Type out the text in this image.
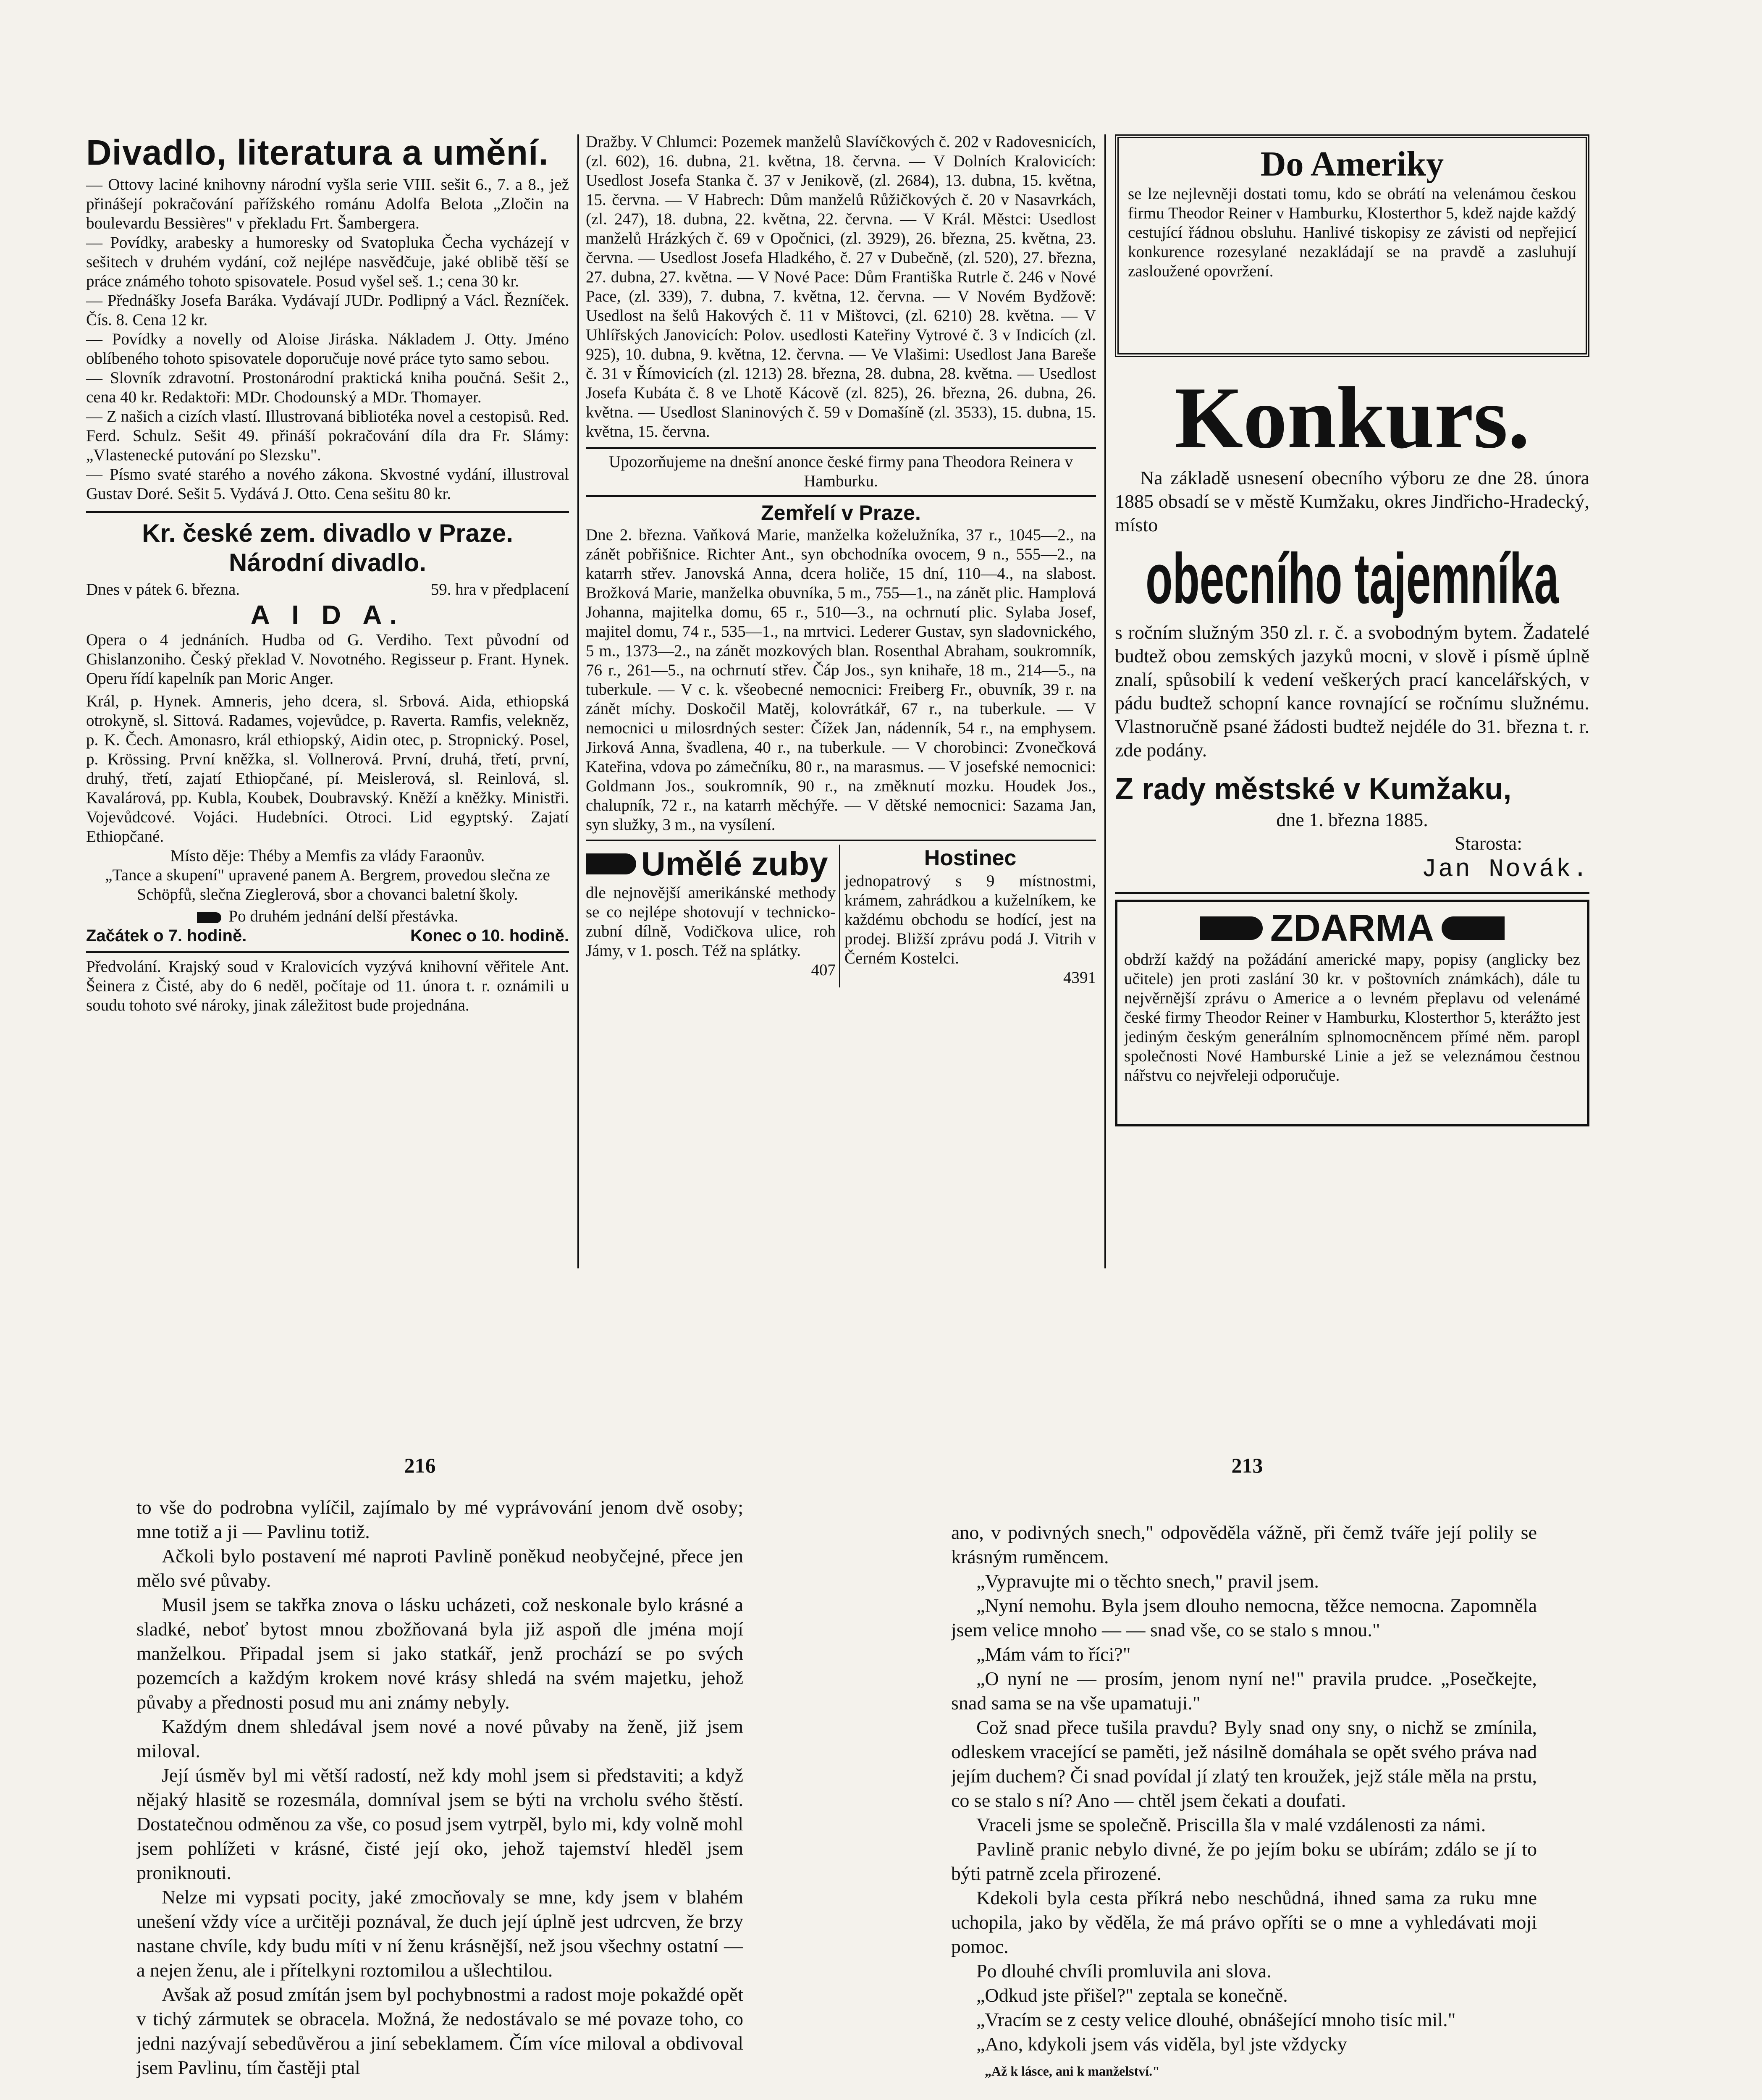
Divadlo, literatura a umění.

— Ottovy laciné knihovny národní vyšla serie VIII. sešit 6., 7. a 8., jež přinášejí pokračování pařížského románu Adolfa Belota „Zločin na boulevardu Bessières" v překladu Frt. Šambergera.

— Povídky, arabesky a humoresky od Svatopluka Čecha vycházejí v sešitech v druhém vydání, což nejlépe nasvědčuje, jaké oblibě těší se práce známého tohoto spisovatele. Posud vyšel seš. 1.; cena 30 kr.

— Přednášky Josefa Baráka. Vydávají JUDr. Podlipný a Václ. Řezníček. Čís. 8. Cena 12 kr.

— Povídky a novelly od Aloise Jiráska. Nákladem J. Otty. Jméno oblíbeného tohoto spisovatele doporučuje nové práce tyto samo sebou.

— Slovník zdravotní. Prostonárodní praktická kniha poučná. Sešit 2., cena 40 kr. Redaktoři: MDr. Chodounský a MDr. Thomayer.

— Z našich a cizích vlastí. Illustrovaná bibliotéka novel a cestopisů. Red. Ferd. Schulz. Sešit 49. přináší pokračování díla dra Fr. Slámy: „Vlastenecké putování po Slezsku".

— Písmo svaté starého a nového zákona. Skvostné vydání, illustroval Gustav Doré. Sešit 5. Vydává J. Otto. Cena sešitu 80 kr.

Kr. české zem. divadlo v Praze.
Národní divadlo.
Dnes v pátek 6. března.	59. hra v předplacení
A I D A.

Opera o 4 jednáních. Hudba od G. Verdiho. Text původní od Ghislanzoniho. Český překlad V. Novotného. Regisseur p. Frant. Hynek. Operu řídí kapelník pan Moric Anger.

Král, p. Hynek. Amneris, jeho dcera, sl. Srbová. Aida, ethiopská otrokyně, sl. Sittová. Radames, vojevůdce, p. Raverta. Ramfis, velekněz, p. K. Čech. Amonasro, král ethiopský, Aidin otec, p. Stropnický. Posel, p. Krössing. První kněžka, sl. Vollnerová. První, druhá, třetí, první, druhý, třetí, zajatí Ethiopčané, pí. Meislerová, sl. Reinlová, sl. Kavalárová, pp. Kubla, Koubek, Doubravský. Kněží a kněžky. Ministři. Vojevůdcové. Vojáci. Hudebníci. Otroci. Lid egyptský. Zajatí Ethiopčané.

Místo děje: Théby a Memfis za vlády Faraonův.

„Tance a skupení" upravené panem A. Bergrem, provedou slečna ze Schöpfů, slečna Zieglerová, sbor a chovanci baletní školy.

Po druhém jednání delší přestávka.
Začátek o 7. hodině.	Konec o 10. hodině.

Předvolání. Krajský soud v Kralovicích vyzývá knihovní věřitele Ant. Šeinera z Čisté, aby do 6 neděl, počítaje od 11. února t. r. oznámili u soudu tohoto své nároky, jinak záležitost bude projednána.

Dražby. V Chlumci: Pozemek manželů Slavíčkových č. 202 v Radovesnicích, (zl. 602), 16. dubna, 21. května, 18. června. — V Dolních Kralovicích: Usedlost Josefa Stanka č. 37 v Jenikově, (zl. 2684), 13. dubna, 15. května, 15. června. — V Habrech: Dům manželů Růžičkových č. 20 v Nasavrkách, (zl. 247), 18. dubna, 22. května, 22. června. — V Král. Městci: Usedlost manželů Hrázkých č. 69 v Opočnici, (zl. 3929), 26. března, 25. května, 23. června. — Usedlost Josefa Hladkého, č. 27 v Dubečně, (zl. 520), 27. března, 27. dubna, 27. května. — V Nové Pace: Dům Františka Rutrle č. 246 v Nové Pace, (zl. 339), 7. dubna, 7. května, 12. června. — V Novém Bydžově: Usedlost na šelů Hakových č. 11 v Mištovci, (zl. 6210) 28. května. — V Uhlířských Janovicích: Polov. usedlosti Kateřiny Vytrové č. 3 v Indicích (zl. 925), 10. dubna, 9. května, 12. června. — Ve Vlašimi: Usedlost Jana Bareše č. 31 v Římovicích (zl. 1213) 28. března, 28. dubna, 28. května. — Usedlost Josefa Kubáta č. 8 ve Lhotě Kácově (zl. 825), 26. března, 26. dubna, 26. května. — Usedlost Slaninových č. 59 v Domašíně (zl. 3533), 15. dubna, 15. května, 15. června.

Upozorňujeme na dnešní anonce české firmy pana Theodora Reinera v Hamburku.

Zemřelí v Praze.

Dne 2. března. Vaňková Marie, manželka koželužníka, 37 r., 1045—2., na zánět pobřišnice. Richter Ant., syn obchodníka ovocem, 9 n., 555—2., na katarrh střev. Janovská Anna, dcera holiče, 15 dní, 110—4., na slabost. Brožková Marie, manželka obuvníka, 5 m., 755—1., na zánět plic. Hamplová Johanna, majitelka domu, 65 r., 510—3., na ochrnutí plic. Sylaba Josef, majitel domu, 74 r., 535—1., na mrtvici. Lederer Gustav, syn sladovnického, 5 m., 1373—2., na zánět mozkových blan. Rosenthal Abraham, soukromník, 76 r., 261—5., na ochrnutí střev. Čáp Jos., syn knihaře, 18 m., 214—5., na tuberkule. — V c. k. všeobecné nemocnici: Freiberg Fr., obuvník, 39 r. na zánět míchy. Doskočil Matěj, kolovrátkář, 67 r., na tuberkule. — V nemocnici u milosrdných sester: Čížek Jan, nádenník, 54 r., na emphysem. Jirková Anna, švadlena, 40 r., na tuberkule. — V chorobinci: Zvonečková Kateřina, vdova po zámečníku, 80 r., na marasmus. — V josefské nemocnici: Goldmann Jos., soukromník, 90 r., na změknutí mozku. Houdek Jos., chalupník, 72 r., na katarrh měchýře. — V dětské nemocnici: Sazama Jan, syn služky, 3 m., na vysílení.

Umělé zuby

dle nejnovější amerikánské methody se co nejlépe shotovují v technicko-zubní dílně, Vodičkova ulice, roh Jámy, v 1. posch. Též na splátky.

407
Hostinec

jednopatrový s 9 místnostmi, krámem, zahrádkou a kuželníkem, ke každému obchodu se hodící, jest na prodej. Bližší zprávu podá J. Vitrih v Černém Kostelci.

4391
Do Ameriky

se lze nejlevněji dostati tomu, kdo se obrátí na velenámou českou firmu Theodor Reiner v Hamburku, Klosterthor 5, kdež najde každý cestující řádnou obsluhu. Hanlivé tiskopisy ze závisti od nepřejicí konkurence rozesylané nezakládají se na pravdě a zasluhují zasloužené opovržení.

Konkurs.

Na základě usnesení obecního výboru ze dne 28. února 1885 obsadí se v městě Kumžaku, okres Jindřicho-Hradecký, místo

obecního tajemníka

s ročním služným 350 zl. r. č. a svobodným bytem. Žadatelé budtež obou zemských jazyků mocni, v slově i písmě úplně znalí, spůsobilí k vedení veškerých prací kancelářských, v pádu budtež schopní kance rovnající se ročnímu služnému. Vlastnoručně psané žádosti budtež nejdéle do 31. března t. r. zde podány.

Z rady městské v Kumžaku,
dne 1. března 1885.
Starosta:
Jan Novák.
ZDARMA

obdrží každý na požádání americké mapy, popisy (anglicky bez učitele) jen proti zaslání 30 kr. v poštovních známkách), dále tu nejvěrnější zprávu o Americe a o levném přeplavu od velenámé české firmy Theodor Reiner v Hamburku, Klosterthor 5, kterážto jest jediným českým generálním splnomocněncem přímé něm. paropl společnosti Nové Hamburské Linie a jež se veleznámou čestnou nářstvu co nejvřeleji odporučuje.

216	213

to vše do podrobna vylíčil, zajímalo by mé vyprávování jenom dvě osoby; mne totiž a ji — Pavlinu totiž.

Ačkoli bylo postavení mé naproti Pavlině poněkud neobyčejné, přece jen mělo své půvaby.

Musil jsem se takřka znova o lásku ucházeti, což neskonale bylo krásné a sladké, neboť bytost mnou zbožňovaná byla již aspoň dle jména mojí manželkou. Připadal jsem si jako statkář, jenž prochází se po svých pozemcích a každým krokem nové krásy shledá na svém majetku, jehož půvaby a přednosti posud mu ani známy nebyly.

Každým dnem shledával jsem nové a nové půvaby na ženě, již jsem miloval.

Její úsměv byl mi větší radostí, než kdy mohl jsem si představiti; a když nějaký hlasitě se rozesmála, domníval jsem se býti na vrcholu svého štěstí. Dostatečnou odměnou za vše, co posud jsem vytrpěl, bylo mi, kdy volně mohl jsem pohlížeti v krásné, čisté její oko, jehož tajemství hleděl jsem proniknouti.

Nelze mi vypsati pocity, jaké zmocňovaly se mne, kdy jsem v blahém unešení vždy více a určitěji poznával, že duch její úplně jest udrcven, že brzy nastane chvíle, kdy budu míti v ní ženu krásnější, než jsou všechny ostatní — a nejen ženu, ale i přítelkyni roztomilou a ušlechtilou.

Avšak až posud zmítán jsem byl pochybnostmi a radost moje pokaždé opět v tichý zármutek se obracela. Možná, že nedostávalo se mé povaze toho, co jedni nazývají sebedůvěrou a jiní sebeklamem. Čím více miloval a obdivoval jsem Pavlinu, tím častěji ptal

ano, v podivných snech," odpověděla vážně, při čemž tváře její polily se krásným ruměncem.

„Vypravujte mi o těchto snech," pravil jsem.

„Nyní nemohu. Byla jsem dlouho nemocna, těžce nemocna. Zapomněla jsem velice mnoho — — snad vše, co se stalo s mnou."

„Mám vám to říci?"

„O nyní ne — prosím, jenom nyní ne!" pravila prudce. „Posečkejte, snad sama se na vše upamatuji."

Což snad přece tušila pravdu? Byly snad ony sny, o nichž se zmínila, odleskem vracející se paměti, jež násilně domáhala se opět svého práva nad jejím duchem? Či snad povídal jí zlatý ten kroužek, jejž stále měla na prstu, co se stalo s ní? Ano — chtěl jsem čekati a doufati.

Vraceli jsme se společně. Priscilla šla v malé vzdálenosti za námi.

Pavlině pranic nebylo divné, že po jejím boku se ubírám; zdálo se jí to býti patrně zcela přirozené.

Kdekoli byla cesta příkrá nebo neschůdná, ihned sama za ruku mne uchopila, jako by věděla, že má právo opříti se o mne a vyhledávati moji pomoc.

Po dlouhé chvíli promluvila ani slova.

„Odkud jste přišel?" zeptala se konečně.

„Vracím se z cesty velice dlouhé, obnášející mnoho tisíc mil."

„Ano, kdykoli jsem vás viděla, byl jste vždycky

„Až k lásce, ani k manželství."
